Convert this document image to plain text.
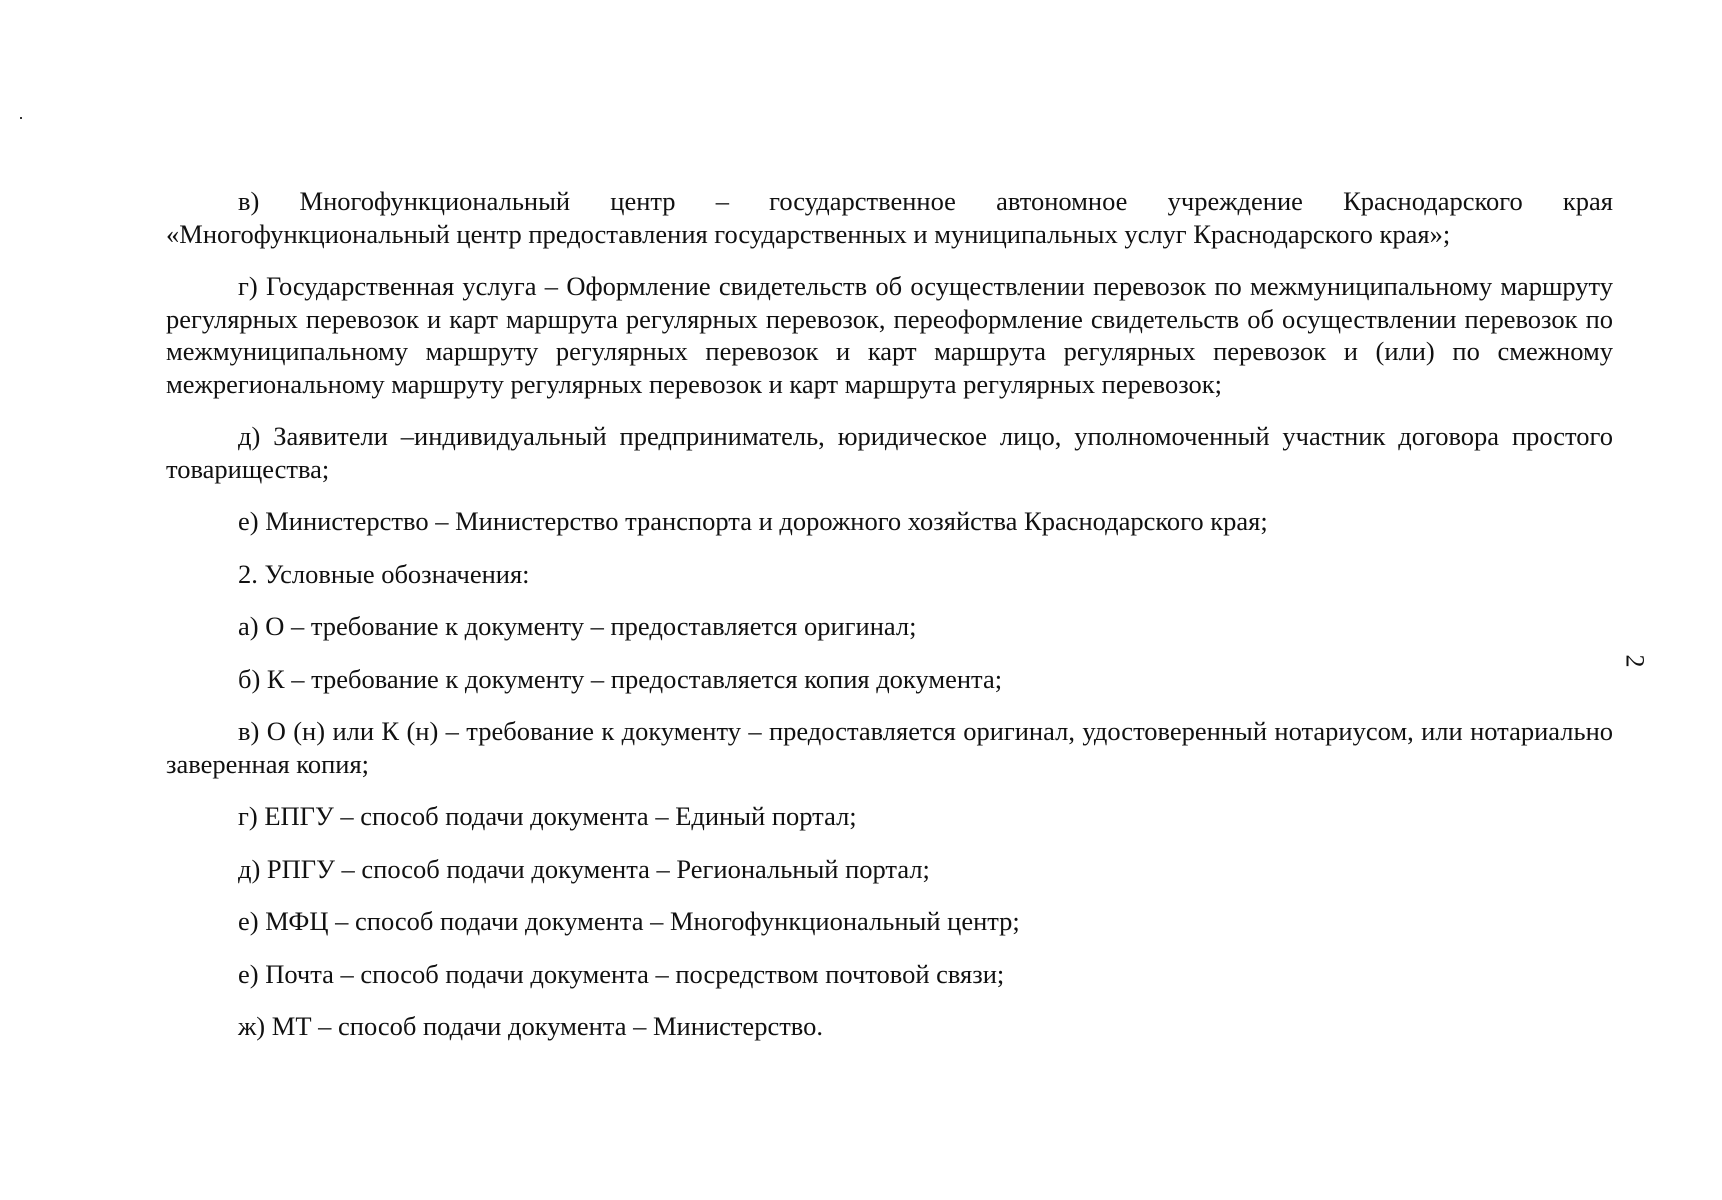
в) Многофункциональный центр – государственное автономное учреждение Краснодарского края «Многофункциональный центр предоставления государственных и муниципальных услуг Краснодарского края»;

г) Государственная услуга – Оформление свидетельств об осуществлении перевозок по межмуниципальному маршруту регулярных перевозок и карт маршрута регулярных перевозок, переоформление свидетельств об осуществлении перевозок по межмуниципальному маршруту регулярных перевозок и карт маршрута регулярных перевозок и (или) по смежному межрегиональному маршруту регулярных перевозок и карт маршрута регулярных перевозок;

д) Заявители –индивидуальный предприниматель, юридическое лицо, уполномоченный участник договора простого товарищества;

е) Министерство – Министерство транспорта и дорожного хозяйства Краснодарского края;

2. Условные обозначения:

а) О – требование к документу – предоставляется оригинал;

б) К – требование к документу – предоставляется копия документа;

в) О (н) или К (н) – требование к документу – предоставляется оригинал, удостоверенный нотариусом, или нотариально заверенная копия;

г) ЕПГУ – способ подачи документа – Единый портал;

д) РПГУ – способ подачи документа – Региональный портал;

е) МФЦ – способ подачи документа – Многофункциональный центр;

е) Почта – способ подачи документа – посредством почтовой связи;

ж) МТ – способ подачи документа – Министерство.

2
